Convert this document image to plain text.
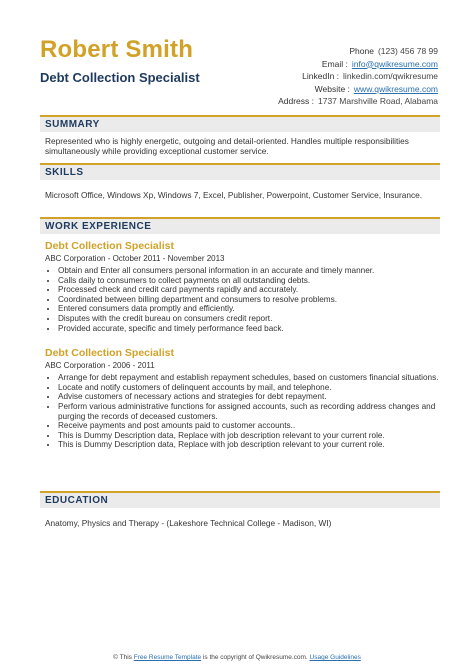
Robert Smith
Debt Collection Specialist
Phone (123) 456 78 99
Email : info@qwikresume.com
LinkedIn : linkedin.com/qwikresume
Website : www.qwikresume.com
Address : 1737 Marshville Road, Alabama
SUMMARY
Represented who is highly energetic, outgoing and detail-oriented. Handles multiple responsibilities simultaneously while providing exceptional customer service.
SKILLS
Microsoft Office, Windows Xp, Windows 7, Excel, Publisher, Powerpoint, Customer Service, Insurance.
WORK EXPERIENCE
Debt Collection Specialist
ABC Corporation - October 2011 - November 2013
• Obtain and Enter all consumers personal information in an accurate and timely manner.
• Calls daily to consumers to collect payments on all outstanding debts.
• Processed check and credit card payments rapidly and accurately.
• Coordinated between billing department and consumers to resolve problems.
• Entered consumers data promptly and efficiently.
• Disputes with the credit bureau on consumers credit report.
• Provided accurate, specific and timely performance feed back.
Debt Collection Specialist
ABC Corporation - 2006 - 2011
• Arrange for debt repayment and establish repayment schedules, based on customers financial situations.
• Locate and notify customers of delinquent accounts by mail, and telephone.
• Advise customers of necessary actions and strategies for debt repayment.
• Perform various administrative functions for assigned accounts, such as recording address changes and purging the records of deceased customers.
• Receive payments and post amounts paid to customer accounts..
• This is Dummy Description data, Replace with job description relevant to your current role.
• This is Dummy Description data, Replace with job description relevant to your current role.
EDUCATION
Anatomy, Physics and Therapy - (Lakeshore Technical College - Madison, WI)
© This Free Resume Template is the copyright of Qwikresume.com. Usage Guidelines
